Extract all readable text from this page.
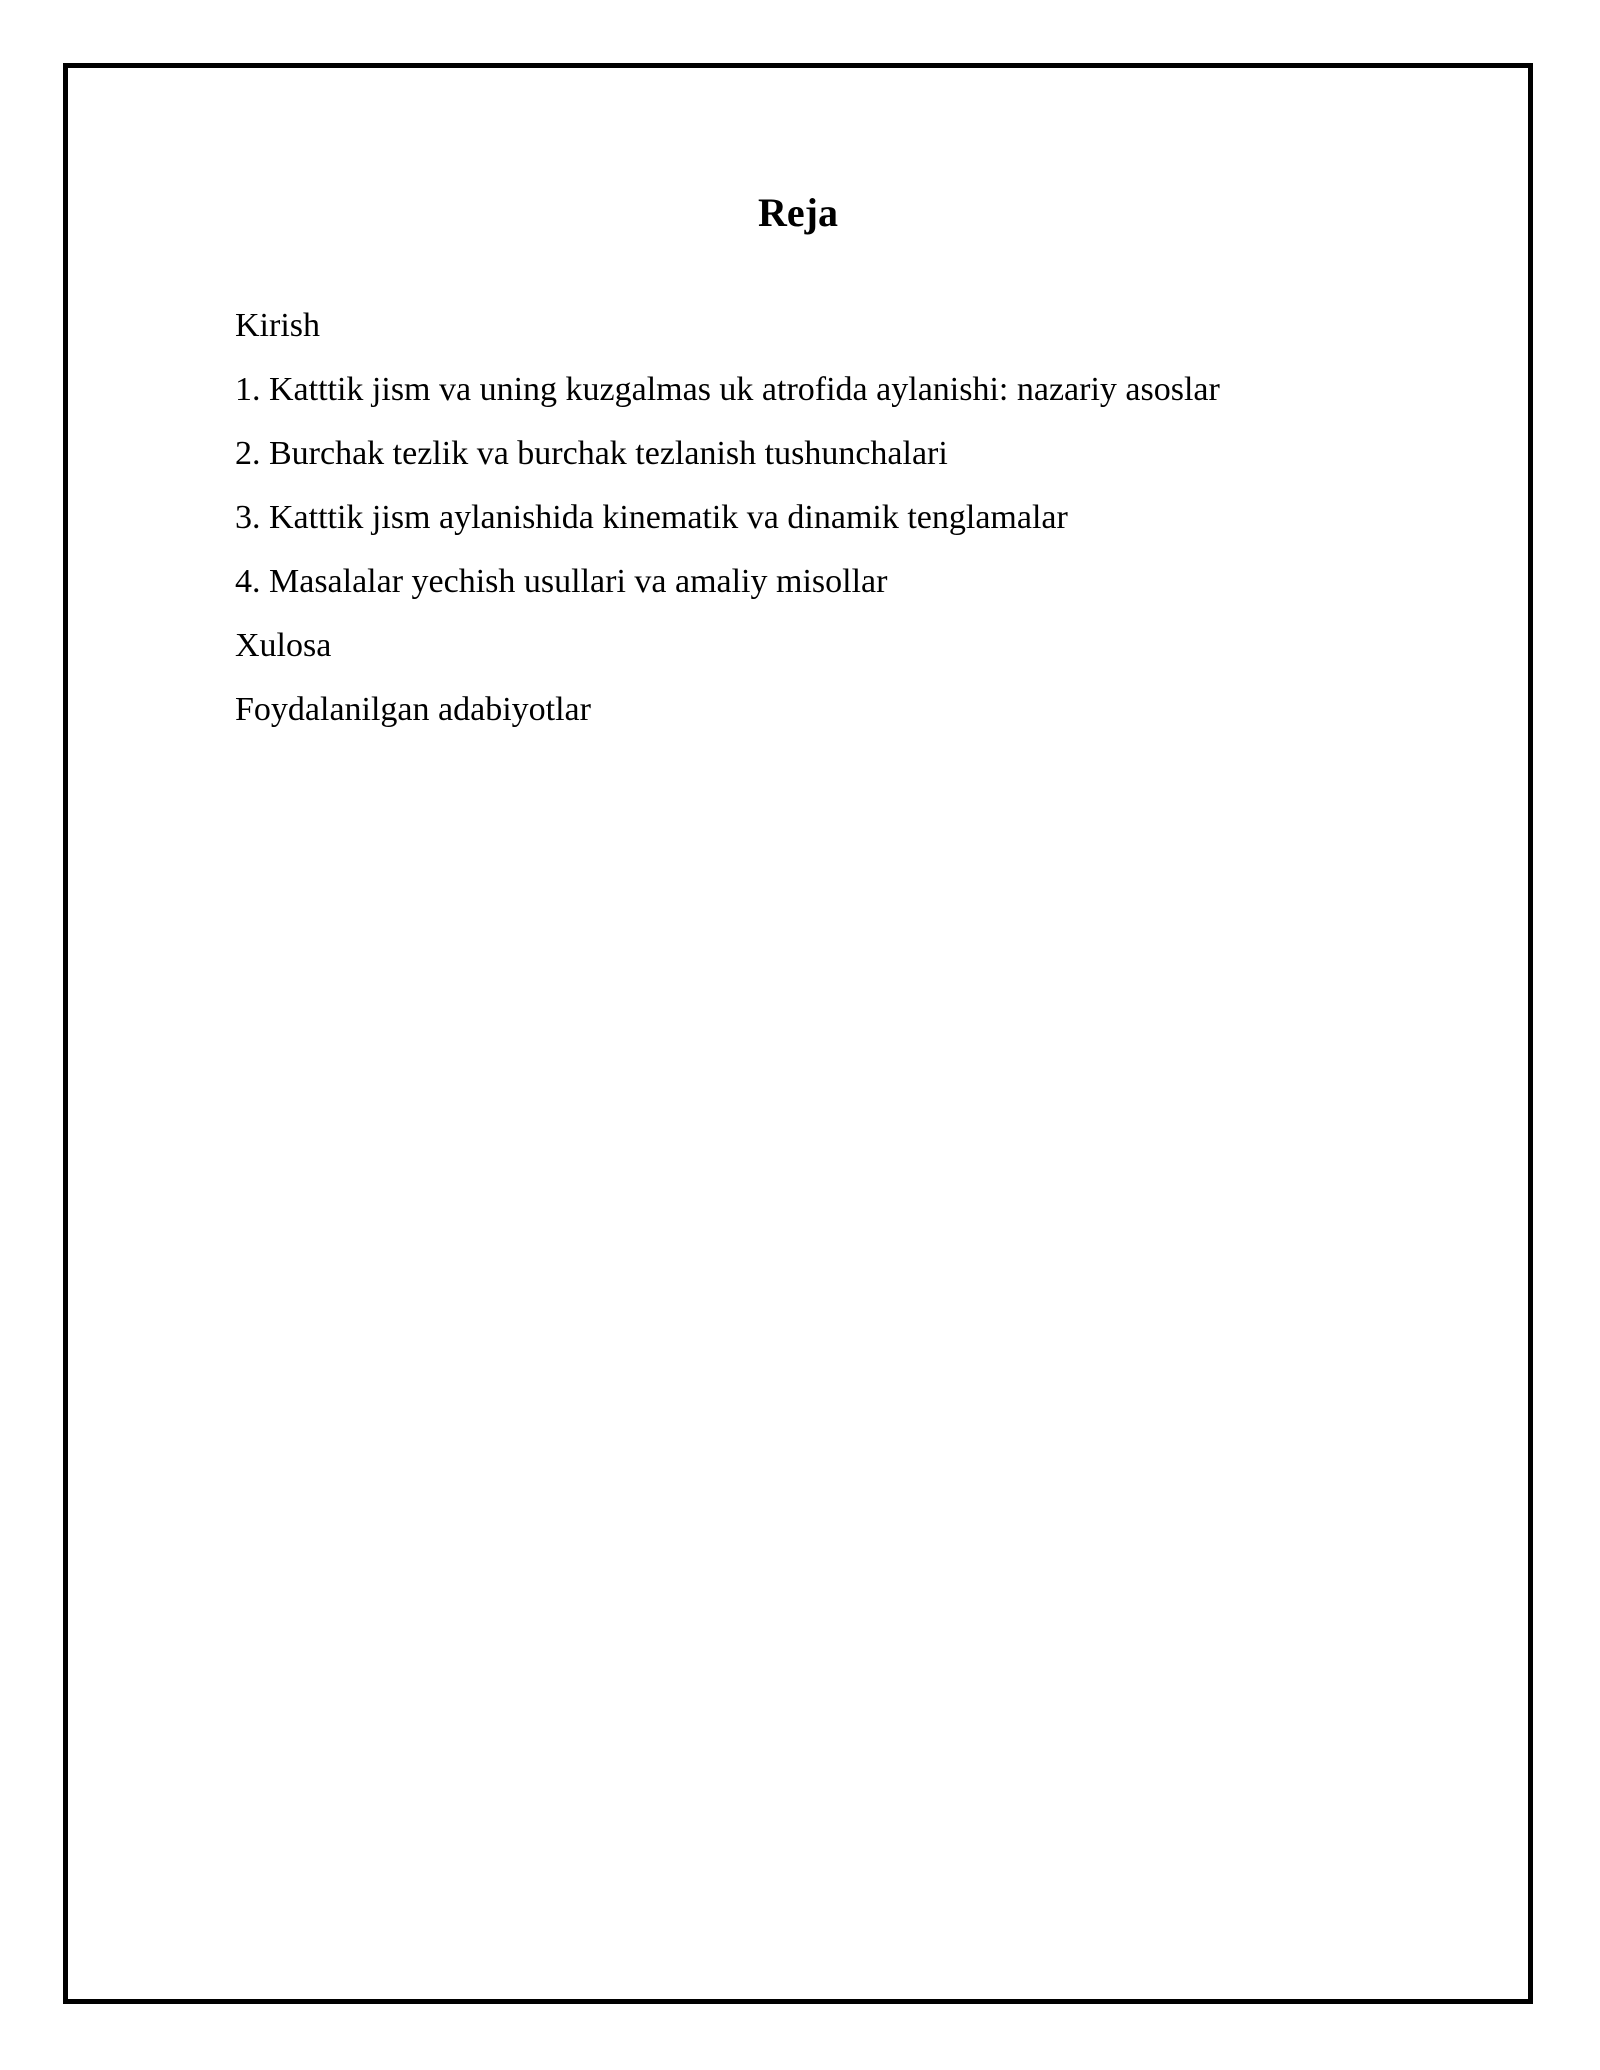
Reja
Kirish
1. Katttik jism va uning kuzgalmas uk atrofida aylanishi: nazariy asoslar
2. Burchak tezlik va burchak tezlanish tushunchalari
3. Katttik jism aylanishida kinematik va dinamik tenglamalar
4. Masalalar yechish usullari va amaliy misollar
Xulosa
Foydalanilgan adabiyotlar
